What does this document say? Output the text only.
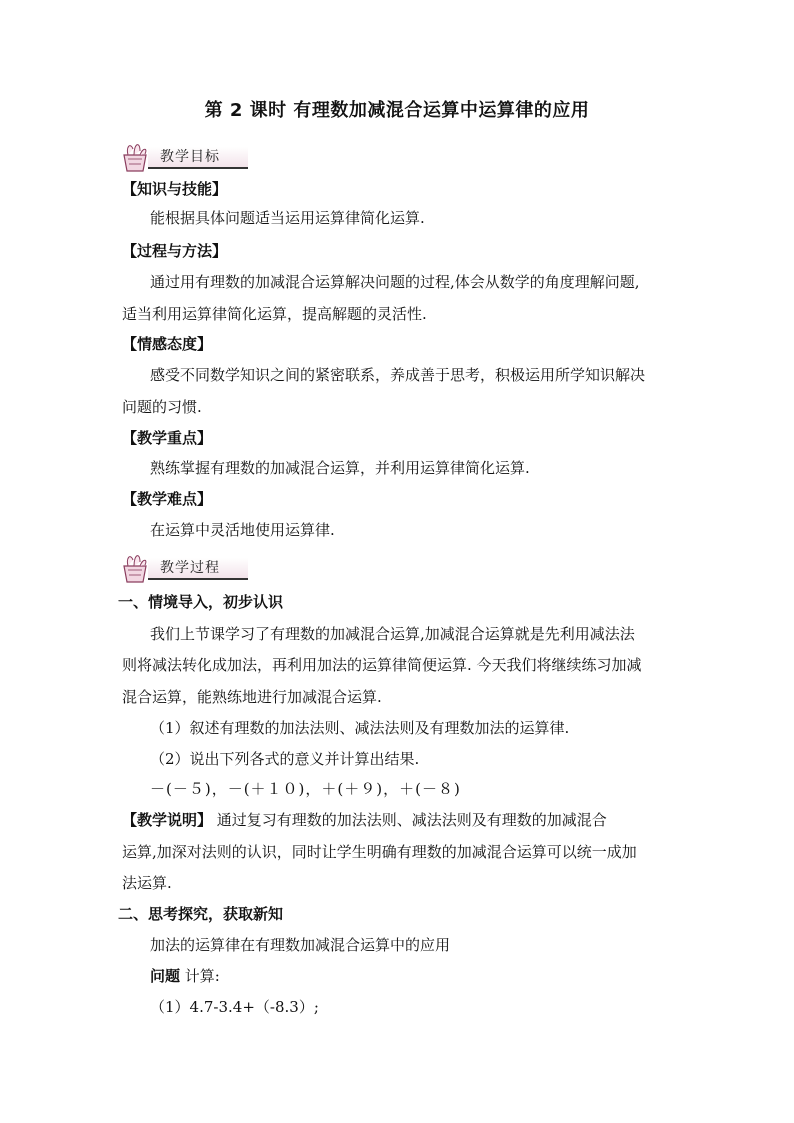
第 2 课时 有理数加减混合运算中运算律的应用
教学目标
【知识与技能】
能根据具体问题适当运用运算律简化运算.
【过程与方法】
通过用有理数的加减混合运算解决问题的过程,体会从数学的角度理解问题,
适当利用运算律简化运算，提高解题的灵活性.
【情感态度】
感受不同数学知识之间的紧密联系，养成善于思考，积极运用所学知识解决
问题的习惯.
【教学重点】
熟练掌握有理数的加减混合运算，并利用运算律简化运算.
【教学难点】
在运算中灵活地使用运算律.
教学过程
一、情境导入，初步认识
我们上节课学习了有理数的加减混合运算,加减混合运算就是先利用减法法
则将减法转化成加法，再利用加法的运算律简便运算. 今天我们将继续练习加减
混合运算，能熟练地进行加减混合运算.
（1）叙述有理数的加法法则、减法法则及有理数加法的运算律.
（2）说出下列各式的意义并计算出结果.
－(－５)，－(＋１０)，＋(＋９)，＋(－８)
【教学说明】 通过复习有理数的加法法则、减法法则及有理数的加减混合
运算,加深对法则的认识，同时让学生明确有理数的加减混合运算可以统一成加
法运算.
二、思考探究，获取新知
加法的运算律在有理数加减混合运算中的应用
问题 计算:
（1）4.7-3.4+（-8.3）;
